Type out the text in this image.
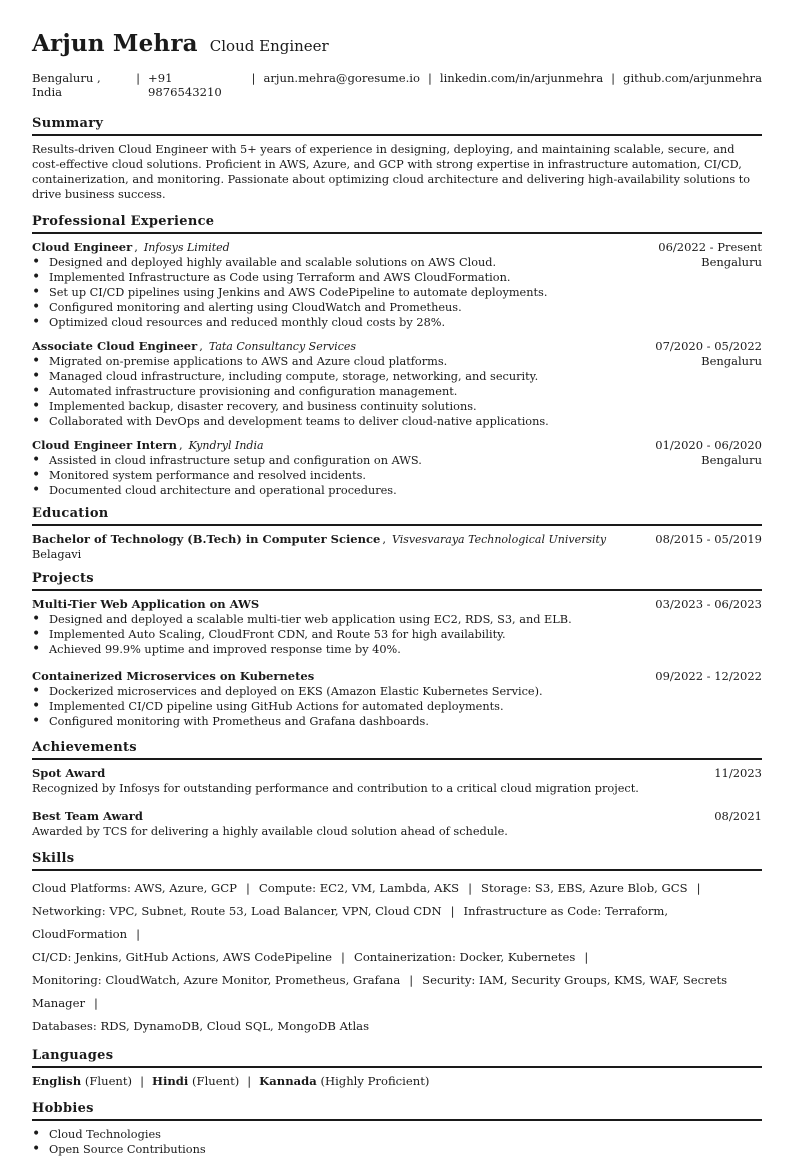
Arjun Mehra Cloud Engineer
Bengaluru , India
| +91 9876543210
| arjun.mehra@goresume.io | linkedin.com/in/arjunmehra | github.com/arjunmehra
Summary
Results-driven Cloud Engineer with 5+ years of experience in designing, deploying, and maintaining scalable, secure, and cost-effective cloud solutions. Proficient in AWS, Azure, and GCP with strong expertise in infrastructure automation, CI/CD, containerization, and monitoring. Passionate about optimizing cloud architecture and delivering high-availability solutions to drive business success.
Professional Experience
Cloud Engineer , Infosys Limited	06/2022 - Present
Bengaluru
• Designed and deployed highly available and scalable solutions on AWS Cloud.
• Implemented Infrastructure as Code using Terraform and AWS CloudFormation.
• Set up CI/CD pipelines using Jenkins and AWS CodePipeline to automate deployments.
• Configured monitoring and alerting using CloudWatch and Prometheus.
• Optimized cloud resources and reduced monthly cloud costs by 28%.
Associate Cloud Engineer , Tata Consultancy Services	07/2020 - 05/2022
Bengaluru
• Migrated on-premise applications to AWS and Azure cloud platforms.
• Managed cloud infrastructure, including compute, storage, networking, and security.
• Automated infrastructure provisioning and configuration management.
• Implemented backup, disaster recovery, and business continuity solutions.
• Collaborated with DevOps and development teams to deliver cloud-native applications.
Cloud Engineer Intern , Kyndryl India	01/2020 - 06/2020
Bengaluru
• Assisted in cloud infrastructure setup and configuration on AWS.
• Monitored system performance and resolved incidents.
• Documented cloud architecture and operational procedures.
Education
Bachelor of Technology (B.Tech) in Computer Science , Visvesvaraya Technological University	08/2015 - 05/2019
Belagavi
Projects
Multi-Tier Web Application on AWS	03/2023 - 06/2023
• Designed and deployed a scalable multi-tier web application using EC2, RDS, S3, and ELB.
• Implemented Auto Scaling, CloudFront CDN, and Route 53 for high availability.
• Achieved 99.9% uptime and improved response time by 40%.
Containerized Microservices on Kubernetes	09/2022 - 12/2022
• Dockerized microservices and deployed on EKS (Amazon Elastic Kubernetes Service).
• Implemented CI/CD pipeline using GitHub Actions for automated deployments.
• Configured monitoring with Prometheus and Grafana dashboards.
Achievements
Spot Award	11/2023
Recognized by Infosys for outstanding performance and contribution to a critical cloud migration project.
Best Team Award	08/2021
Awarded by TCS for delivering a highly available cloud solution ahead of schedule.
Skills
Cloud Platforms: AWS, Azure, GCP | Compute: EC2, VM, Lambda, AKS | Storage: S3, EBS, Azure Blob, GCS |
Networking: VPC, Subnet, Route 53, Load Balancer, VPN, Cloud CDN | Infrastructure as Code: Terraform, CloudFormation |
CI/CD: Jenkins, GitHub Actions, AWS CodePipeline | Containerization: Docker, Kubernetes |
Monitoring: CloudWatch, Azure Monitor, Prometheus, Grafana | Security: IAM, Security Groups, KMS, WAF, Secrets Manager |
Databases: RDS, DynamoDB, Cloud SQL, MongoDB Atlas
Languages
English (Fluent) | Hindi (Fluent) | Kannada (Highly Proficient)
Hobbies
• Cloud Technologies
• Open Source Contributions
